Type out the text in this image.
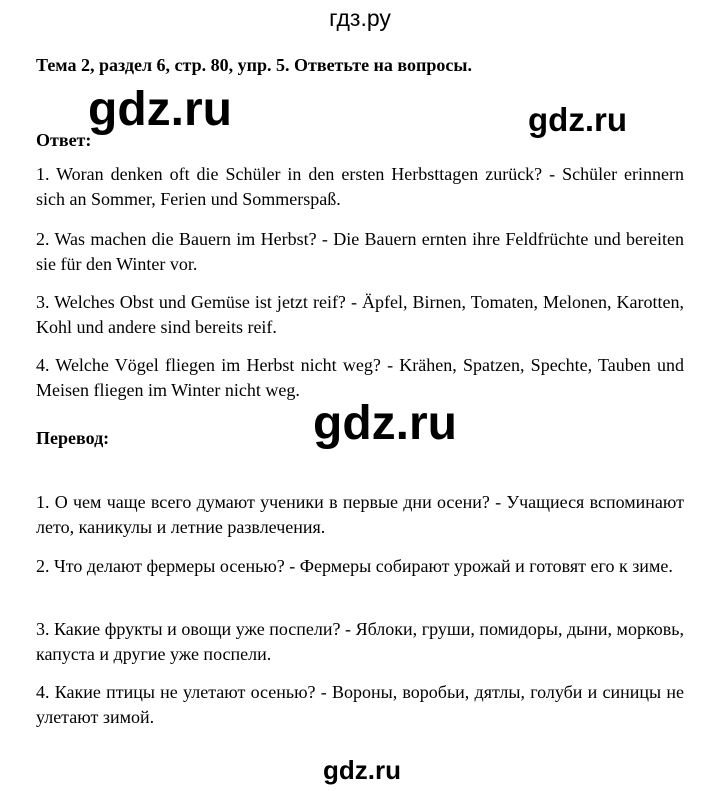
гдз.ру
Тема 2, раздел 6, стр. 80, упр. 5. Ответьте на вопросы.
gdz.ru	gdz.ru
Ответ:
1. Woran denken oft die Schüler in den ersten Herbsttagen zurück? - Schüler erinnern sich an Sommer, Ferien und Sommerspaß.
2. Was machen die Bauern im Herbst? - Die Bauern ernten ihre Feldfrüchte und bereiten sie für den Winter vor.
3. Welches Obst und Gemüse ist jetzt reif? - Äpfel, Birnen, Tomaten, Melonen, Karotten, Kohl und andere sind bereits reif.
4. Welche Vögel fliegen im Herbst nicht weg? - Krähen, Spatzen, Spechte, Tauben und Meisen fliegen im Winter nicht weg.
gdz.ru
Перевод:
1. О чем чаще всего думают ученики в первые дни осени? - Учащиеся вспоминают лето, каникулы и летние развлечения.
2. Что делают фермеры осенью? - Фермеры собирают урожай и готовят его к зиме.
3. Какие фрукты и овощи уже поспели? - Яблоки, груши, помидоры, дыни, морковь, капуста и другие уже поспели.
4. Какие птицы не улетают осенью? - Вороны, воробьи, дятлы, голуби и синицы не улетают зимой.
gdz.ru
